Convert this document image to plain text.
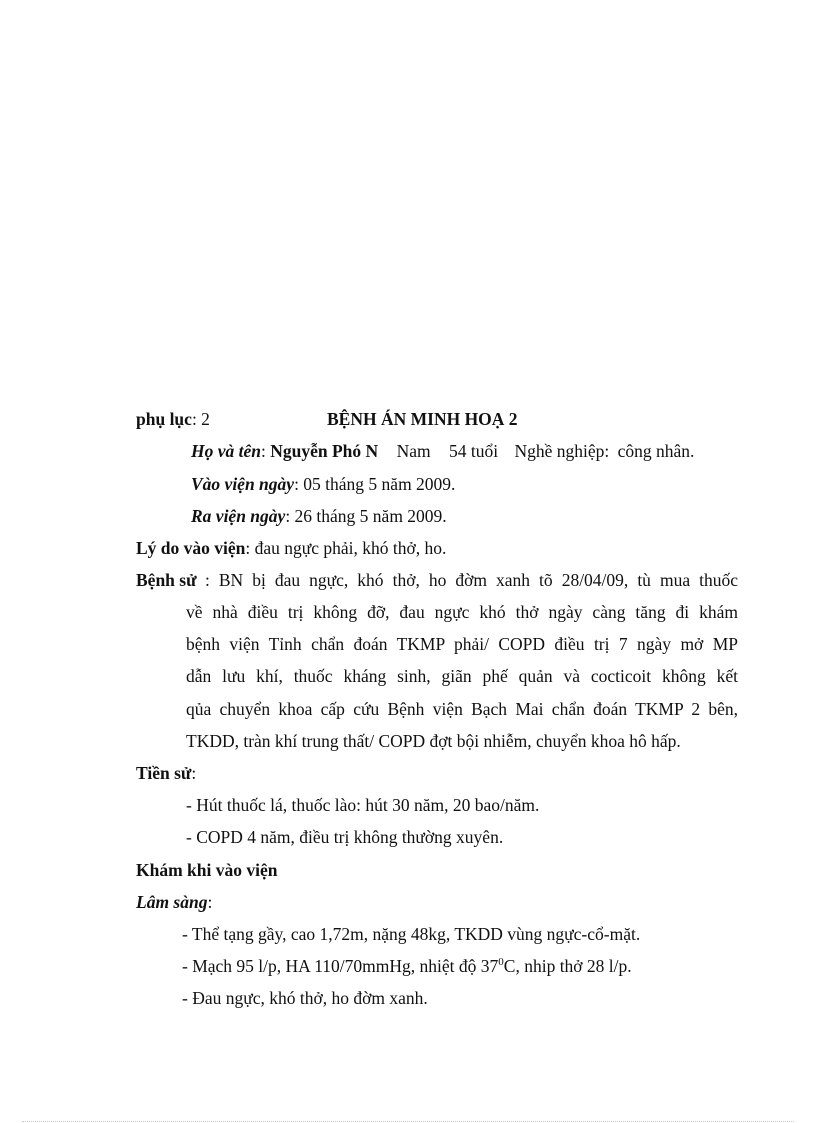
phụ lục: 2	BỆNH ÁN MINH HOẠ 2
Họ và tên: Nguyễn Phó N Nam 54 tuổi Nghề nghiệp: công nhân.
Vào viện ngày: 05 tháng 5 năm 2009.
Ra viện ngày: 26 tháng 5 năm 2009.
Lý do vào viện: đau ngực phải, khó thở, ho.
Bệnh sử : BN bị đau ngực, khó thở, ho đờm xanh tõ 28/04/09, tù mua thuốc
về nhà điều trị không đỡ, đau ngực khó thở ngày càng tăng đi khám
bệnh viện Tỉnh chẩn đoán TKMP phải/ COPD điều trị 7 ngày mở MP
dẫn lưu khí, thuốc kháng sinh, giãn phế quản và cocticoit không kết
qủa chuyển khoa cấp cứu Bệnh viện Bạch Mai chẩn đoán TKMP 2 bên,
TKDD, tràn khí trung thất/ COPD đợt bội nhiễm, chuyển khoa hô hấp.
Tiền sử:
- Hút thuốc lá, thuốc lào: hút 30 năm, 20 bao/năm.
- COPD 4 năm, điều trị không thường xuyên.
Khám khi vào viện
Lâm sàng:
- Thể tạng gầy, cao 1,72m, nặng 48kg, TKDD vùng ngực-cổ-mặt.
- Mạch 95 l/p, HA 110/70mmHg, nhiệt độ $37^0C$, nhip thở 28 l/p.
- Đau ngực, khó thở, ho đờm xanh.
